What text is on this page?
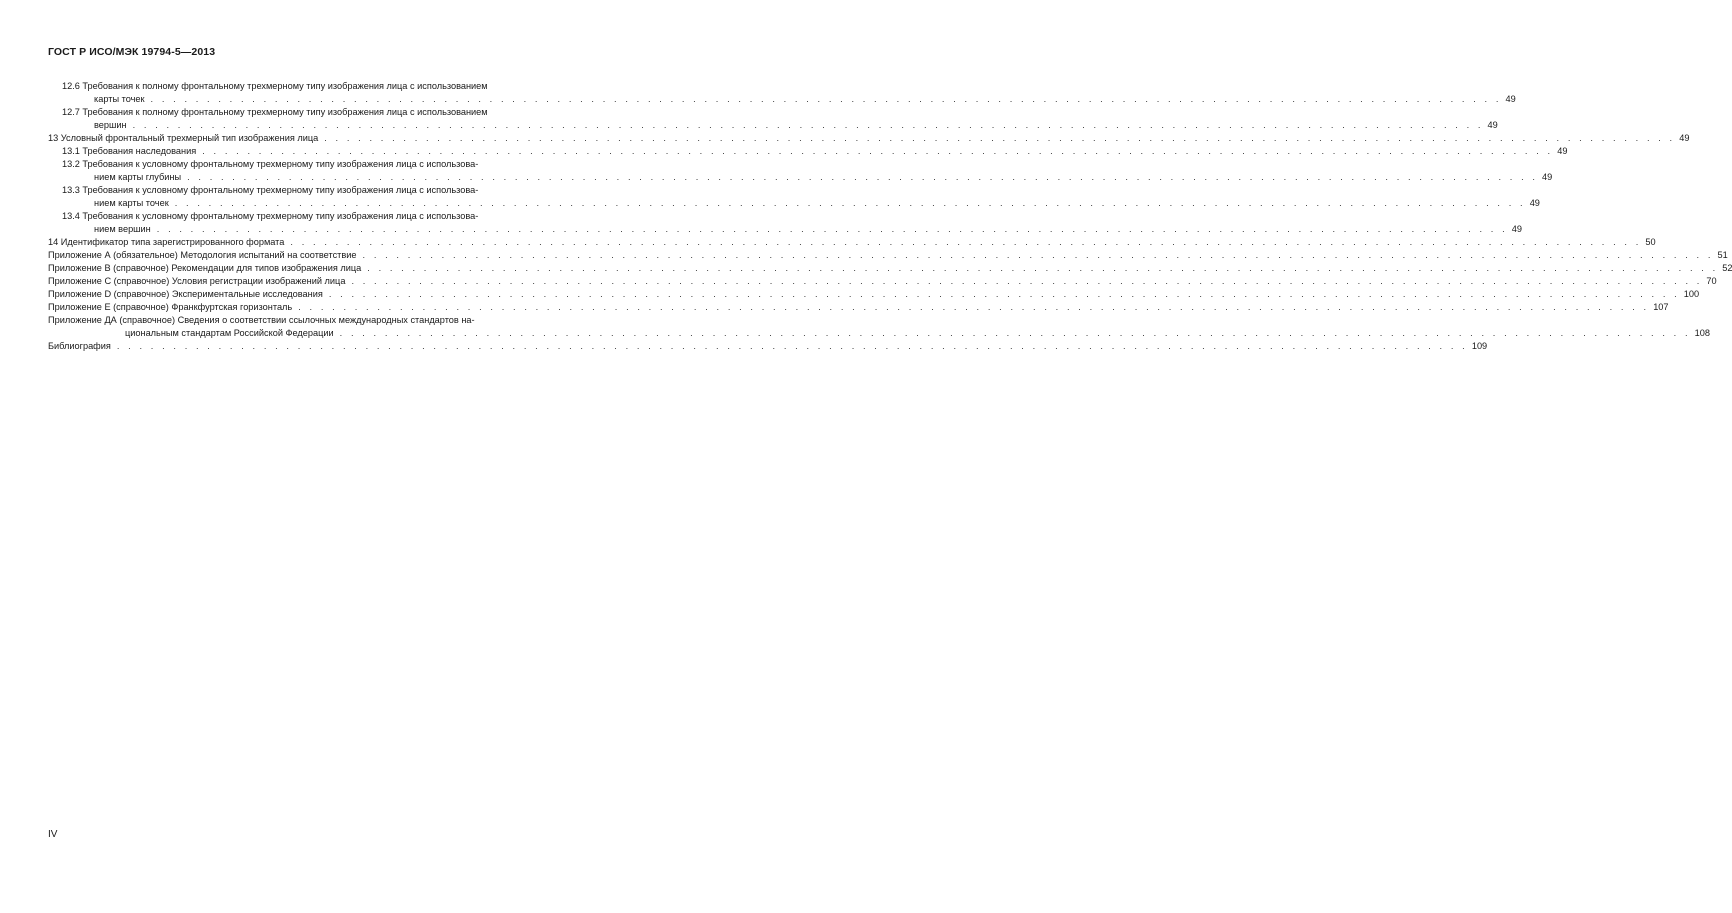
ГОСТ Р ИСО/МЭК 19794-5—2013
12.6 Требования к полному фронтальному трехмерному типу изображения лица с использованием
карты точек . . . . . . . . . . . . . . . . . . . . . . . . . . . . . . . . . . . . . . . . . . . . . . . . . . . . . . . . . . . . . . . . . . . . . . . . . . . . . . . . . . . . . . . . . . . . . . . . . . . . . . . . . . . . . . . . . . . . . . . . 49
12.7 Требования к полному фронтальному трехмерному типу изображения лица с использованием
вершин . . . . . . . . . . . . . . . . . . . . . . . . . . . . . . . . . . . . . . . . . . . . . . . . . . . . . . . . . . . . . . . . . . . . . . . . . . . . . . . . . . . . . . . . . . . . . . . . . . . . . . . . . . . . . . . . . . . . . . . . 49
13 Условный фронтальный трехмерный тип изображения лица . . . . . . . . . . . . . . . . . . . . . . . . . . . . . . . . . . . . . . . . . . . . . . . . . . . . . . . . . . . . . . . . . . . . . . . . . . . . . . . . . . . . . . . . . . . . . . . . . . . . . . . . . . . . . . . . . . . . . . . . 49
13.1 Требования наследования . . . . . . . . . . . . . . . . . . . . . . . . . . . . . . . . . . . . . . . . . . . . . . . . . . . . . . . . . . . . . . . . . . . . . . . . . . . . . . . . . . . . . . . . . . . . . . . . . . . . . . . . . . . . . . . . . . . . . . . . 49
13.2 Требования к условному фронтальному трехмерному типу изображения лица с использова-
нием карты глубины . . . . . . . . . . . . . . . . . . . . . . . . . . . . . . . . . . . . . . . . . . . . . . . . . . . . . . . . . . . . . . . . . . . . . . . . . . . . . . . . . . . . . . . . . . . . . . . . . . . . . . . . . . . . . . . . . . . . . . . . 49
13.3 Требования к условному фронтальному трехмерному типу изображения лица с использова-
нием карты точек . . . . . . . . . . . . . . . . . . . . . . . . . . . . . . . . . . . . . . . . . . . . . . . . . . . . . . . . . . . . . . . . . . . . . . . . . . . . . . . . . . . . . . . . . . . . . . . . . . . . . . . . . . . . . . . . . . . . . . . . 49
13.4 Требования к условному фронтальному трехмерному типу изображения лица с использова-
нием вершин . . . . . . . . . . . . . . . . . . . . . . . . . . . . . . . . . . . . . . . . . . . . . . . . . . . . . . . . . . . . . . . . . . . . . . . . . . . . . . . . . . . . . . . . . . . . . . . . . . . . . . . . . . . . . . . . . . . . . . . . 49
14 Идентификатор типа зарегистрированного формата . . . . . . . . . . . . . . . . . . . . . . . . . . . . . . . . . . . . . . . . . . . . . . . . . . . . . . . . . . . . . . . . . . . . . . . . . . . . . . . . . . . . . . . . . . . . . . . . . . . . . . . . . . . . . . . . . . . . . . . . 50
Приложение А (обязательное) Методология испытаний на соответствие . . . . . . . . . . . . . . . . . . . . . . . . . . . . . . . . . . . . . . . . . . . . . . . . . . . . . . . . . . . . . . . . . . . . . . . . . . . . . . . . . . . . . . . . . . . . . . . . . . . . . . . . . . . . . . . . . . . . . . . . 51
Приложение В (справочное) Рекомендации для типов изображения лица . . . . . . . . . . . . . . . . . . . . . . . . . . . . . . . . . . . . . . . . . . . . . . . . . . . . . . . . . . . . . . . . . . . . . . . . . . . . . . . . . . . . . . . . . . . . . . . . . . . . . . . . . . . . . . . . . . . . . . . . 52
Приложение С (справочное) Условия регистрации изображений лица . . . . . . . . . . . . . . . . . . . . . . . . . . . . . . . . . . . . . . . . . . . . . . . . . . . . . . . . . . . . . . . . . . . . . . . . . . . . . . . . . . . . . . . . . . . . . . . . . . . . . . . . . . . . . . . . . . . . . . . . 70
Приложение D (справочное) Экспериментальные исследования . . . . . . . . . . . . . . . . . . . . . . . . . . . . . . . . . . . . . . . . . . . . . . . . . . . . . . . . . . . . . . . . . . . . . . . . . . . . . . . . . . . . . . . . . . . . . . . . . . . . . . . . . . . . . . . . . . . . . . . . 100
Приложение Е (справочное) Франкфуртская горизонталь . . . . . . . . . . . . . . . . . . . . . . . . . . . . . . . . . . . . . . . . . . . . . . . . . . . . . . . . . . . . . . . . . . . . . . . . . . . . . . . . . . . . . . . . . . . . . . . . . . . . . . . . . . . . . . . . . . . . . . . . 107
Приложение ДА (справочное) Сведения о соответствии ссылочных международных стандартов на-
циональным стандартам Российской Федерации . . . . . . . . . . . . . . . . . . . . . . . . . . . . . . . . . . . . . . . . . . . . . . . . . . . . . . . . . . . . . . . . . . . . . . . . . . . . . . . . . . . . . . . . . . . . . . . . . . . . . . . . . . . . . . . . . . . . . . . . 108
Библиография . . . . . . . . . . . . . . . . . . . . . . . . . . . . . . . . . . . . . . . . . . . . . . . . . . . . . . . . . . . . . . . . . . . . . . . . . . . . . . . . . . . . . . . . . . . . . . . . . . . . . . . . . . . . . . . . . . . . . . . . 109
IV
